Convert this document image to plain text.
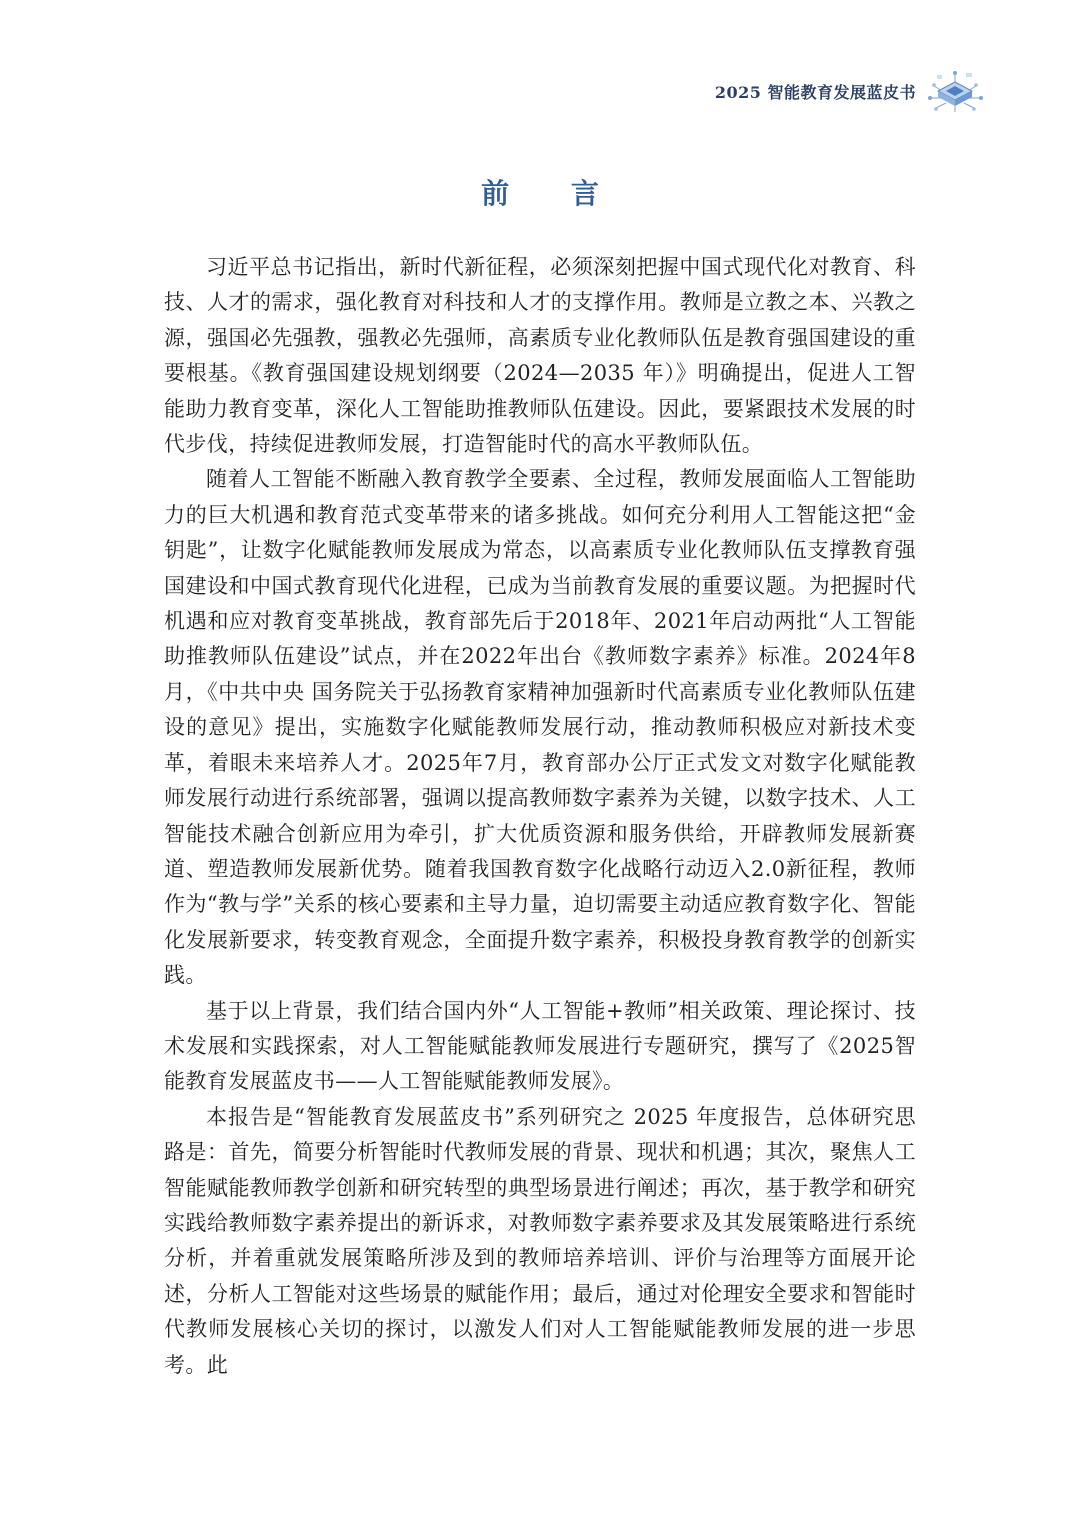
2025 智能教育发展蓝皮书
前 言

习近平总书记指出，新时代新征程，必须深刻把握中国式现代化对教育、科技、人才的需求，强化教育对科技和人才的支撑作用。教师是立教之本、兴教之源，强国必先强教，强教必先强师，高素质专业化教师队伍是教育强国建设的重要根基。《教育强国建设规划纲要（2024—2035 年）》明确提出，促进人工智能助力教育变革，深化人工智能助推教师队伍建设。因此，要紧跟技术发展的时代步伐，持续促进教师发展，打造智能时代的高水平教师队伍。

随着人工智能不断融入教育教学全要素、全过程，教师发展面临人工智能助力的巨大机遇和教育范式变革带来的诸多挑战。如何充分利用人工智能这把“金钥匙”，让数字化赋能教师发展成为常态，以高素质专业化教师队伍支撑教育强国建设和中国式教育现代化进程，已成为当前教育发展的重要议题。为把握时代机遇和应对教育变革挑战，教育部先后于2018年、2021年启动两批“人工智能助推教师队伍建设”试点，并在2022年出台《教师数字素养》标准。2024年8月，《中共中央 国务院关于弘扬教育家精神加强新时代高素质专业化教师队伍建设的意见》提出，实施数字化赋能教师发展行动，推动教师积极应对新技术变革，着眼未来培养人才。2025年7月，教育部办公厅正式发文对数字化赋能教师发展行动进行系统部署，强调以提高教师数字素养为关键，以数字技术、人工智能技术融合创新应用为牵引，扩大优质资源和服务供给，开辟教师发展新赛道、塑造教师发展新优势。随着我国教育数字化战略行动迈入2.0新征程，教师作为“教与学”关系的核心要素和主导力量，迫切需要主动适应教育数字化、智能化发展新要求，转变教育观念，全面提升数字素养，积极投身教育教学的创新实践。

基于以上背景，我们结合国内外“人工智能+教师”相关政策、理论探讨、技术发展和实践探索，对人工智能赋能教师发展进行专题研究，撰写了《2025智能教育发展蓝皮书——人工智能赋能教师发展》。

本报告是“智能教育发展蓝皮书”系列研究之 2025 年度报告，总体研究思路是：首先，简要分析智能时代教师发展的背景、现状和机遇；其次，聚焦人工智能赋能教师教学创新和研究转型的典型场景进行阐述；再次，基于教学和研究实践给教师数字素养提出的新诉求，对教师数字素养要求及其发展策略进行系统分析，并着重就发展策略所涉及到的教师培养培训、评价与治理等方面展开论述，分析人工智能对这些场景的赋能作用；最后，通过对伦理安全要求和智能时代教师发展核心关切的探讨，以激发人们对人工智能赋能教师发展的进一步思考。此
